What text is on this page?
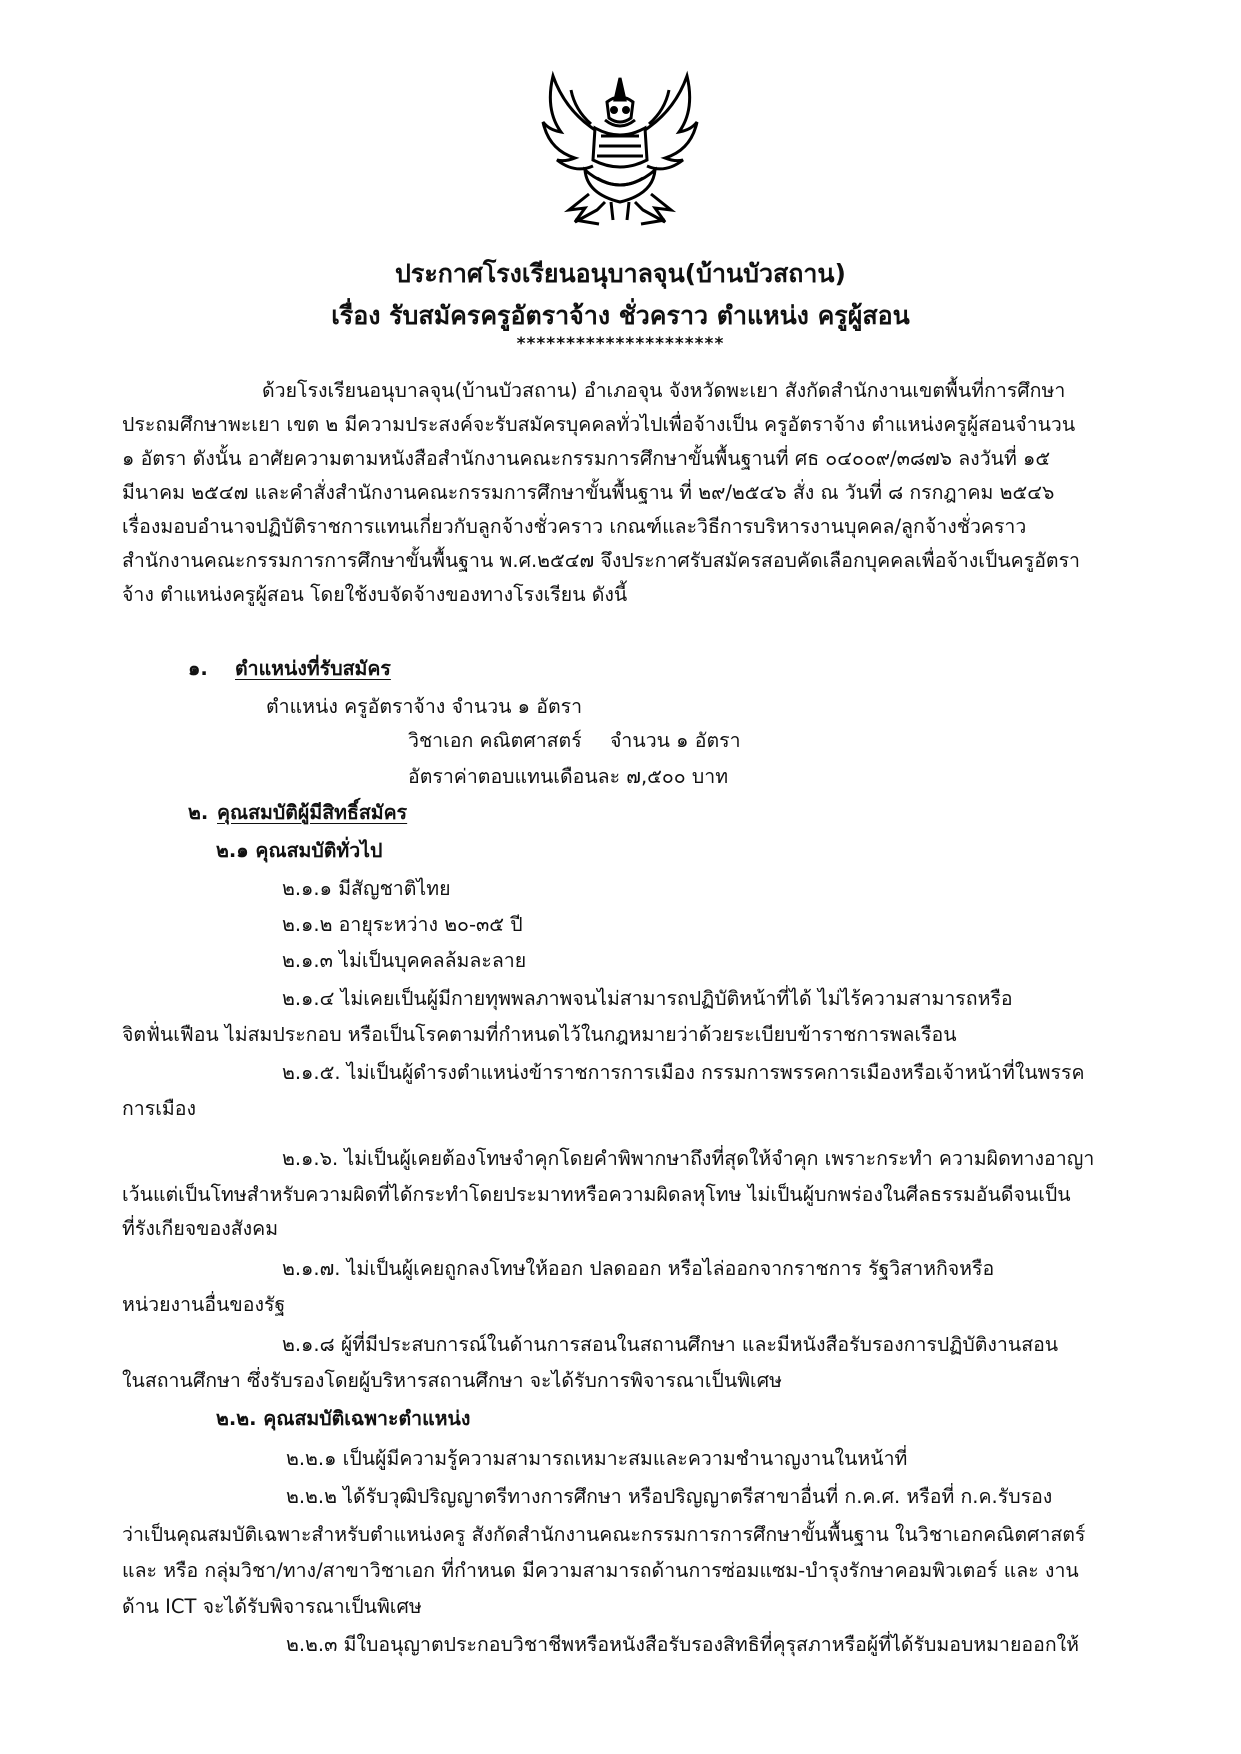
ประกาศโรงเรียนอนุบาลจุน(บ้านบัวสถาน)
เรื่อง รับสมัครครูอัตราจ้าง ชั่วคราว ตำแหน่ง ครูผู้สอน
*********************
ด้วยโรงเรียนอนุบาลจุน(บ้านบัวสถาน) อำเภอจุน จังหวัดพะเยา สังกัดสำนักงานเขตพื้นที่การศึกษา
ประถมศึกษาพะเยา เขต ๒ มีความประสงค์จะรับสมัครบุคคลทั่วไปเพื่อจ้างเป็น ครูอัตราจ้าง ตำแหน่งครูผู้สอนจำนวน
๑ อัตรา ดังนั้น อาศัยความตามหนังสือสำนักงานคณะกรรมการศึกษาขั้นพื้นฐานที่ ศธ ๐๔๐๐๙/๓๘๗๖ ลงวันที่ ๑๕
มีนาคม ๒๕๔๗ และคำสั่งสำนักงานคณะกรรมการศึกษาขั้นพื้นฐาน ที่ ๒๙/๒๕๔๖ สั่ง ณ วันที่ ๘ กรกฎาคม ๒๕๔๖
เรื่องมอบอำนาจปฏิบัติราชการแทนเกี่ยวกับลูกจ้างชั่วคราว เกณฑ์และวิธีการบริหารงานบุคคล/ลูกจ้างชั่วคราว
สำนักงานคณะกรรมการการศึกษาขั้นพื้นฐาน พ.ศ.๒๕๔๗ จึงประกาศรับสมัครสอบคัดเลือกบุคคลเพื่อจ้างเป็นครูอัตรา
จ้าง ตำแหน่งครูผู้สอน โดยใช้งบจัดจ้างของทางโรงเรียน ดังนี้
๑. ตำแหน่งที่รับสมัคร
ตำแหน่ง ครูอัตราจ้าง จำนวน ๑ อัตรา
วิชาเอก คณิตศาสตร์ จำนวน ๑ อัตรา
อัตราค่าตอบแทนเดือนละ ๗,๕๐๐ บาท
๒. คุณสมบัติผู้มีสิทธิ์สมัคร
๒.๑ คุณสมบัติทั่วไป
๒.๑.๑ มีสัญชาติไทย
๒.๑.๒ อายุระหว่าง ๒๐-๓๕ ปี
๒.๑.๓ ไม่เป็นบุคคลล้มละลาย
๒.๑.๔ ไม่เคยเป็นผู้มีกายทุพพลภาพจนไม่สามารถปฏิบัติหน้าที่ได้ ไม่ไร้ความสามารถหรือ
จิตฟั่นเฟือน ไม่สมประกอบ หรือเป็นโรคตามที่กำหนดไว้ในกฎหมายว่าด้วยระเบียบข้าราชการพลเรือน
๒.๑.๕. ไม่เป็นผู้ดำรงตำแหน่งข้าราชการการเมือง กรรมการพรรคการเมืองหรือเจ้าหน้าที่ในพรรค
การเมือง
๒.๑.๖. ไม่เป็นผู้เคยต้องโทษจำคุกโดยคำพิพากษาถึงที่สุดให้จำคุก เพราะกระทำ ความผิดทางอาญา
เว้นแต่เป็นโทษสำหรับความผิดที่ได้กระทำโดยประมาทหรือความผิดลหุโทษ ไม่เป็นผู้บกพร่องในศีลธรรมอันดีจนเป็น
ที่รังเกียจของสังคม
๒.๑.๗. ไม่เป็นผู้เคยถูกลงโทษให้ออก ปลดออก หรือไล่ออกจากราชการ รัฐวิสาหกิจหรือ
หน่วยงานอื่นของรัฐ
๒.๑.๘ ผู้ที่มีประสบการณ์ในด้านการสอนในสถานศึกษา และมีหนังสือรับรองการปฏิบัติงานสอน
ในสถานศึกษา ซึ่งรับรองโดยผู้บริหารสถานศึกษา จะได้รับการพิจารณาเป็นพิเศษ
๒.๒. คุณสมบัติเฉพาะตำแหน่ง
๒.๒.๑ เป็นผู้มีความรู้ความสามารถเหมาะสมและความชำนาญงานในหน้าที่
๒.๒.๒ ได้รับวุฒิปริญญาตรีทางการศึกษา หรือปริญญาตรีสาขาอื่นที่ ก.ค.ศ. หรือที่ ก.ค.รับรอง
ว่าเป็นคุณสมบัติเฉพาะสำหรับตำแหน่งครู สังกัดสำนักงานคณะกรรมการการศึกษาขั้นพื้นฐาน ในวิชาเอกคณิตศาสตร์
และ หรือ กลุ่มวิชา/ทาง/สาขาวิชาเอก ที่กำหนด มีความสามารถด้านการซ่อมแซม-บำรุงรักษาคอมพิวเตอร์ และ งาน
ด้าน ICT จะได้รับพิจารณาเป็นพิเศษ
๒.๒.๓ มีใบอนุญาตประกอบวิชาชีพหรือหนังสือรับรองสิทธิที่คุรุสภาหรือผู้ที่ได้รับมอบหมายออกให้
